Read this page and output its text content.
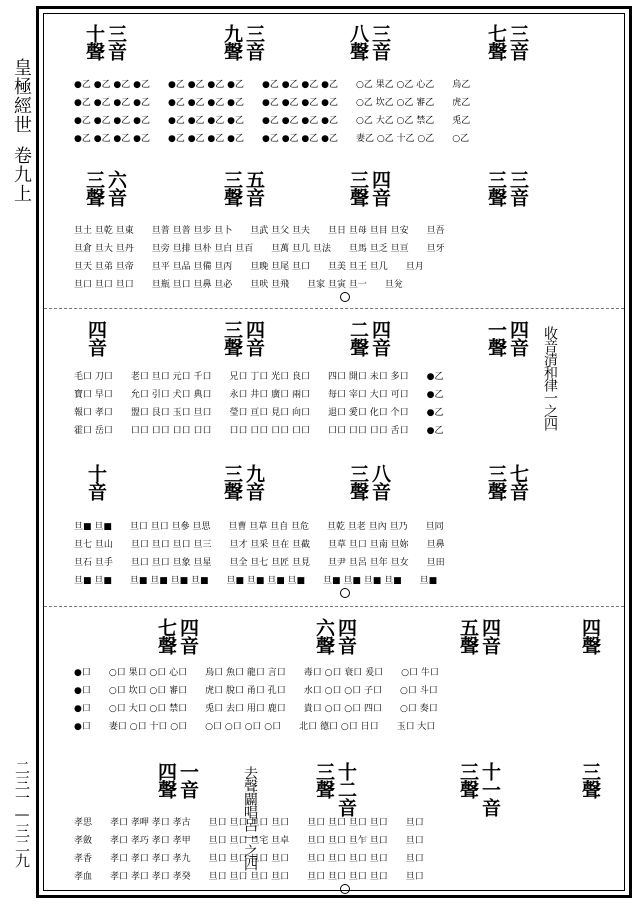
皇極經世
卷九上
二三一—三二九
十聲 三音	九聲 三音	八聲 三音	七聲 三音
●乙 ●乙 ●乙 ●乙　　●乙 ●乙 ●乙 ●乙　　●乙 ●乙 ●乙 ●乙　　○乙 果乙 ○乙 心乙　　烏乙
●乙 ●乙 ●乙 ●乙　　●乙 ●乙 ●乙 ●乙　　●乙 ●乙 ●乙 ●乙　　○乙 坎乙 ○乙 審乙　　虎乙
●乙 ●乙 ●乙 ●乙　　●乙 ●乙 ●乙 ●乙　　●乙 ●乙 ●乙 ●乙　　○乙 大乙 ○乙 禁乙　　兎乙
●乙 ●乙 ●乙 ●乙　　●乙 ●乙 ●乙 ●乙　　●乙 ●乙 ●乙 ●乙　　妻乙 ○乙 十乙 ○乙　　○乙
三聲 六音	三聲 五音	三聲 四音	三聲 三音
旦土 旦乾 旦東　　旦普 旦普 旦步 旦卜　　旦武 旦父 旦夫　　旦日 旦母 旦目 旦安　　旦吾
旦倉 旦大 旦丹　　旦旁 旦排 旦朴 旦白 旦百　　旦萬 旦几 旦法　　旦馬 旦乏 旦亘　　旦牙
旦天 旦弟 旦帝　　旦平 旦品 旦備 旦丙　　旦晚 旦尾 旦口　　旦美 旦王 旦几　　旦月
旦口 旦口 旦口　　旦瓶 旦口 旦鼻 旦必　　旦吠 旦飛　　旦家 旦寅 旦一　　旦兊
四音	三聲 四音	二聲 四音	一聲 四音 收音清和律一之四
毛口 刀口　　老口 旦口 元口 千口　　兄口 丁口 光口 良口　　四口 開口 未口 多口　　●乙
寶口 早口　　允口 引口 犬口 典口　　永口 井口 廣口 兩口　　每口 宰口 大口 可口　　●乙
報口 孝口　　盟口 艮口 玉口 旦口　　瑩口 亘口 見口 向口　　退口 愛口 化口 个口　　●乙
霍口 岳口　　口口 口口 口口 口口　　口口 口口 口口 口口　　口口 口口 口口 舌口　　●乙
十音	三聲 九音	三聲 八音	三聲 七音
旦■ 旦■　　旦口 旦口 旦參 旦思　　旦曹 旦草 旦自 旦危　　旦乾 旦老 旦內 旦乃　　旦同
旦七 旦山　　旦口 旦口 旦口 旦三　　旦才 旦采 旦在 旦截　　旦草 旦口 旦南 旦妳　　旦鼻
旦石 旦手　　旦口 旦口 旦象 旦星　　旦全 旦七 旦匠 旦見　　旦尹 旦呂 旦年 旦女　　旦田
旦■ 旦■　　旦■ 旦■ 旦■ 旦■　　旦■ 旦■ 旦■ 旦■　　旦■ 旦■ 旦■ 旦■　　旦■
七聲 四音	六聲 四音	五聲 四音	四聲
●口　　○口 果口 ○口 心口　　烏口 魚口 龍口 言口　　毒口 ○口 衰口 爰口　　○口 牛口
●口　　○口 坎口 ○口 審口　　虎口 脫口 甬口 孔口　　水口 ○口 ○口 子口　　○口 斗口
●口　　○口 大口 ○口 禁口　　兎口 去口 用口 鹿口　　貴口 ○口 ○口 四口　　○口 奏口
●口　　妻口 ○口 十口 ○口　　○口 ○口 ○口 ○口　　北口 德口 ○口 日口　　玉口 大口
四聲 一音	三聲 十二音	三聲 十一音	三聲
去聲闢唱呂一之四
孝思　　孝口 孝呷 孝口 孝古　　旦口 旦口 旦口 旦口　　旦口 旦口 旦口 旦口　　旦口
孝斂　　孝口 孝巧 孝口 孝甲　　旦口 旦口 旦宅 旦卓　　旦口 旦口 旦乍 旦口　　旦口
孝香　　孝口 孝口 孝口 孝九　　旦口 旦口 旦口 旦口　　旦口 旦口 旦口 旦口　　旦口
孝血　　孝口 孝口 孝口 孝癸　　旦口 旦口 旦口 旦口　　旦口 旦口 旦口 旦口　　旦口
